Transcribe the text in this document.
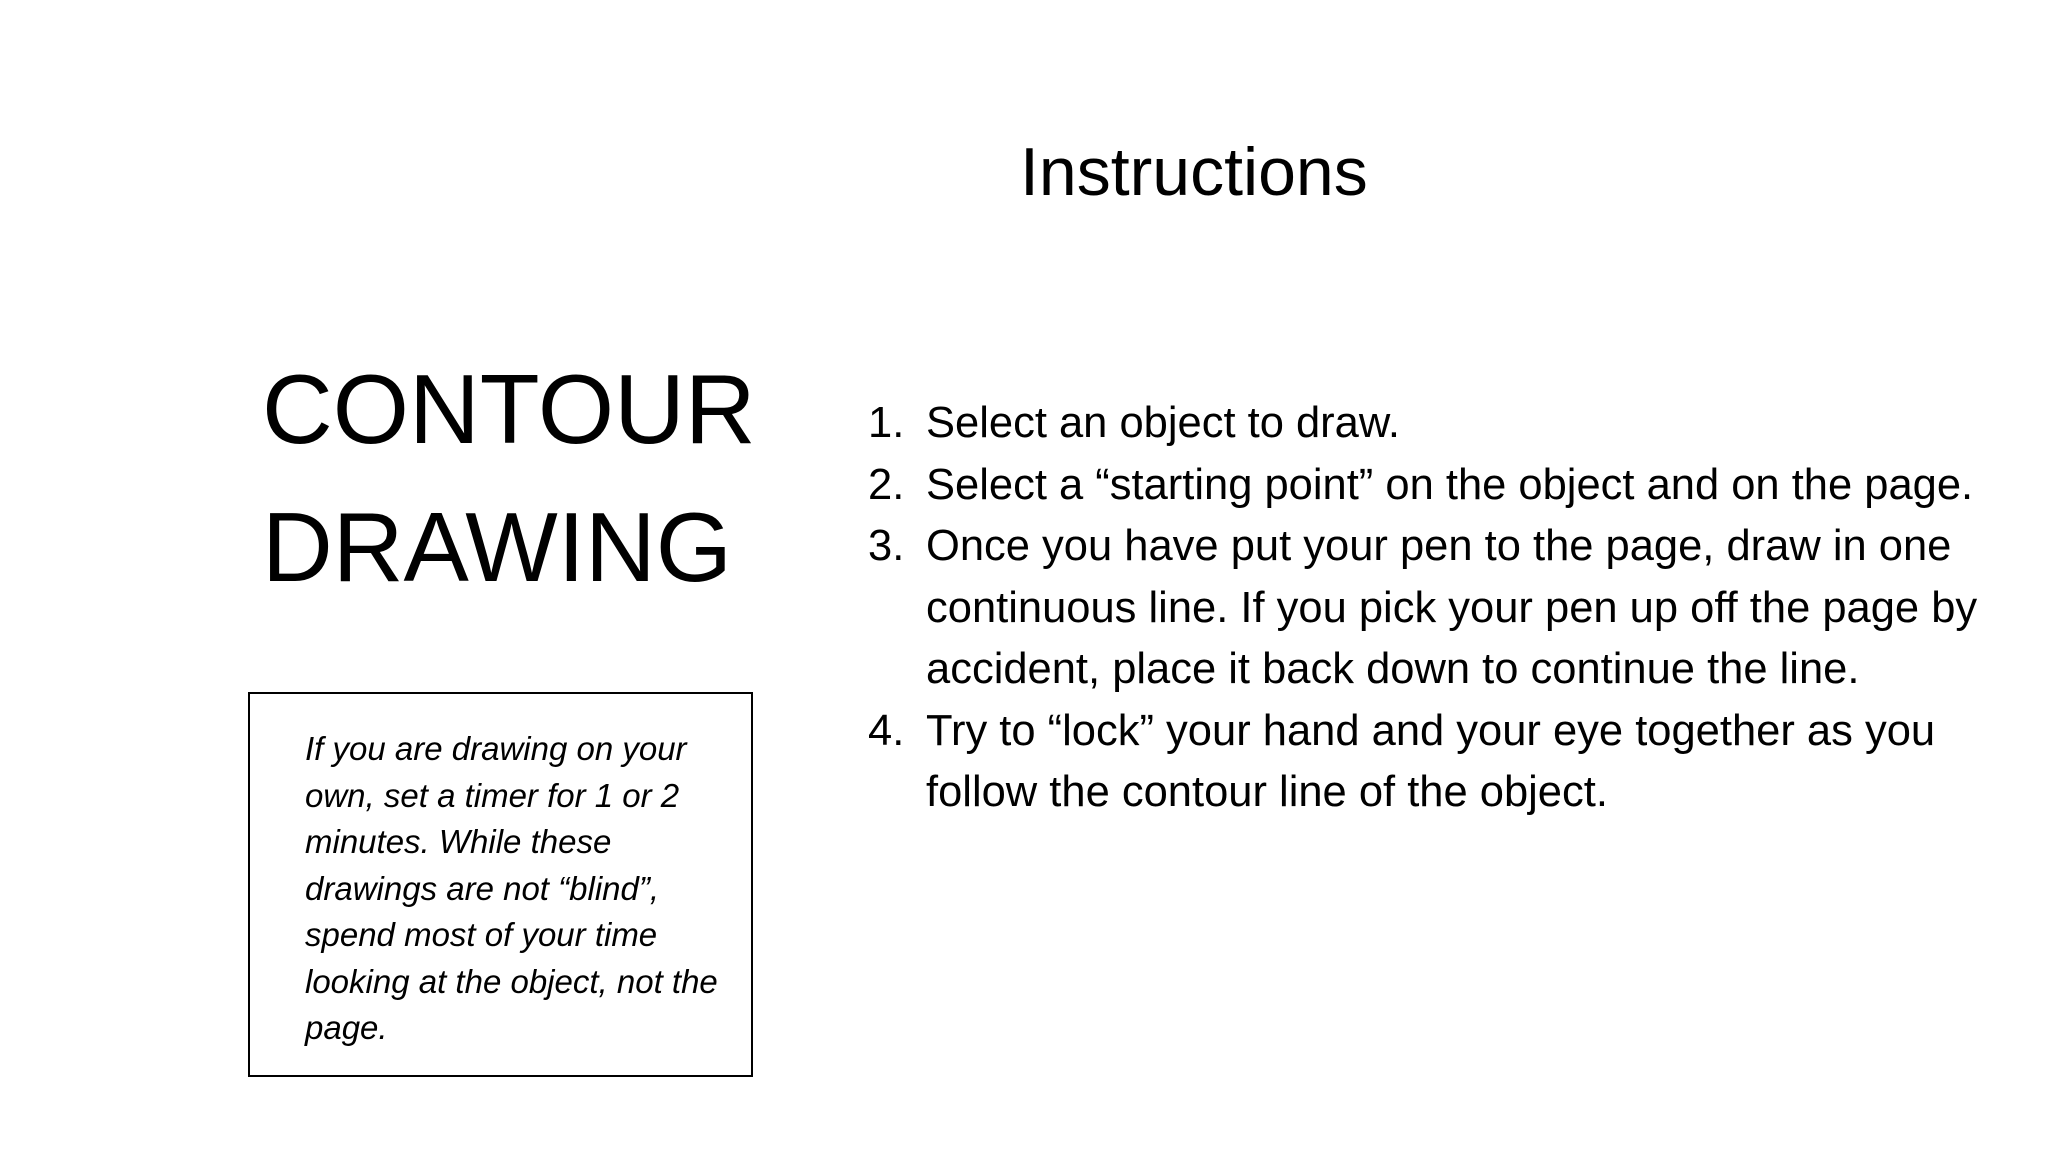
Instructions
CONTOUR
DRAWING

If you are drawing on your own, set a timer for 1 or 2 minutes. While these drawings are not “blind”, spend most of your time looking at the object, not the page.

1. Select an object to draw.
2. Select a “starting point” on the object and on the page.
3. Once you have put your pen to the page, draw in one continuous line. If you pick your pen up off the page by accident, place it back down to continue the line.
4. Try to “lock” your hand and your eye together as you follow the contour line of the object.
